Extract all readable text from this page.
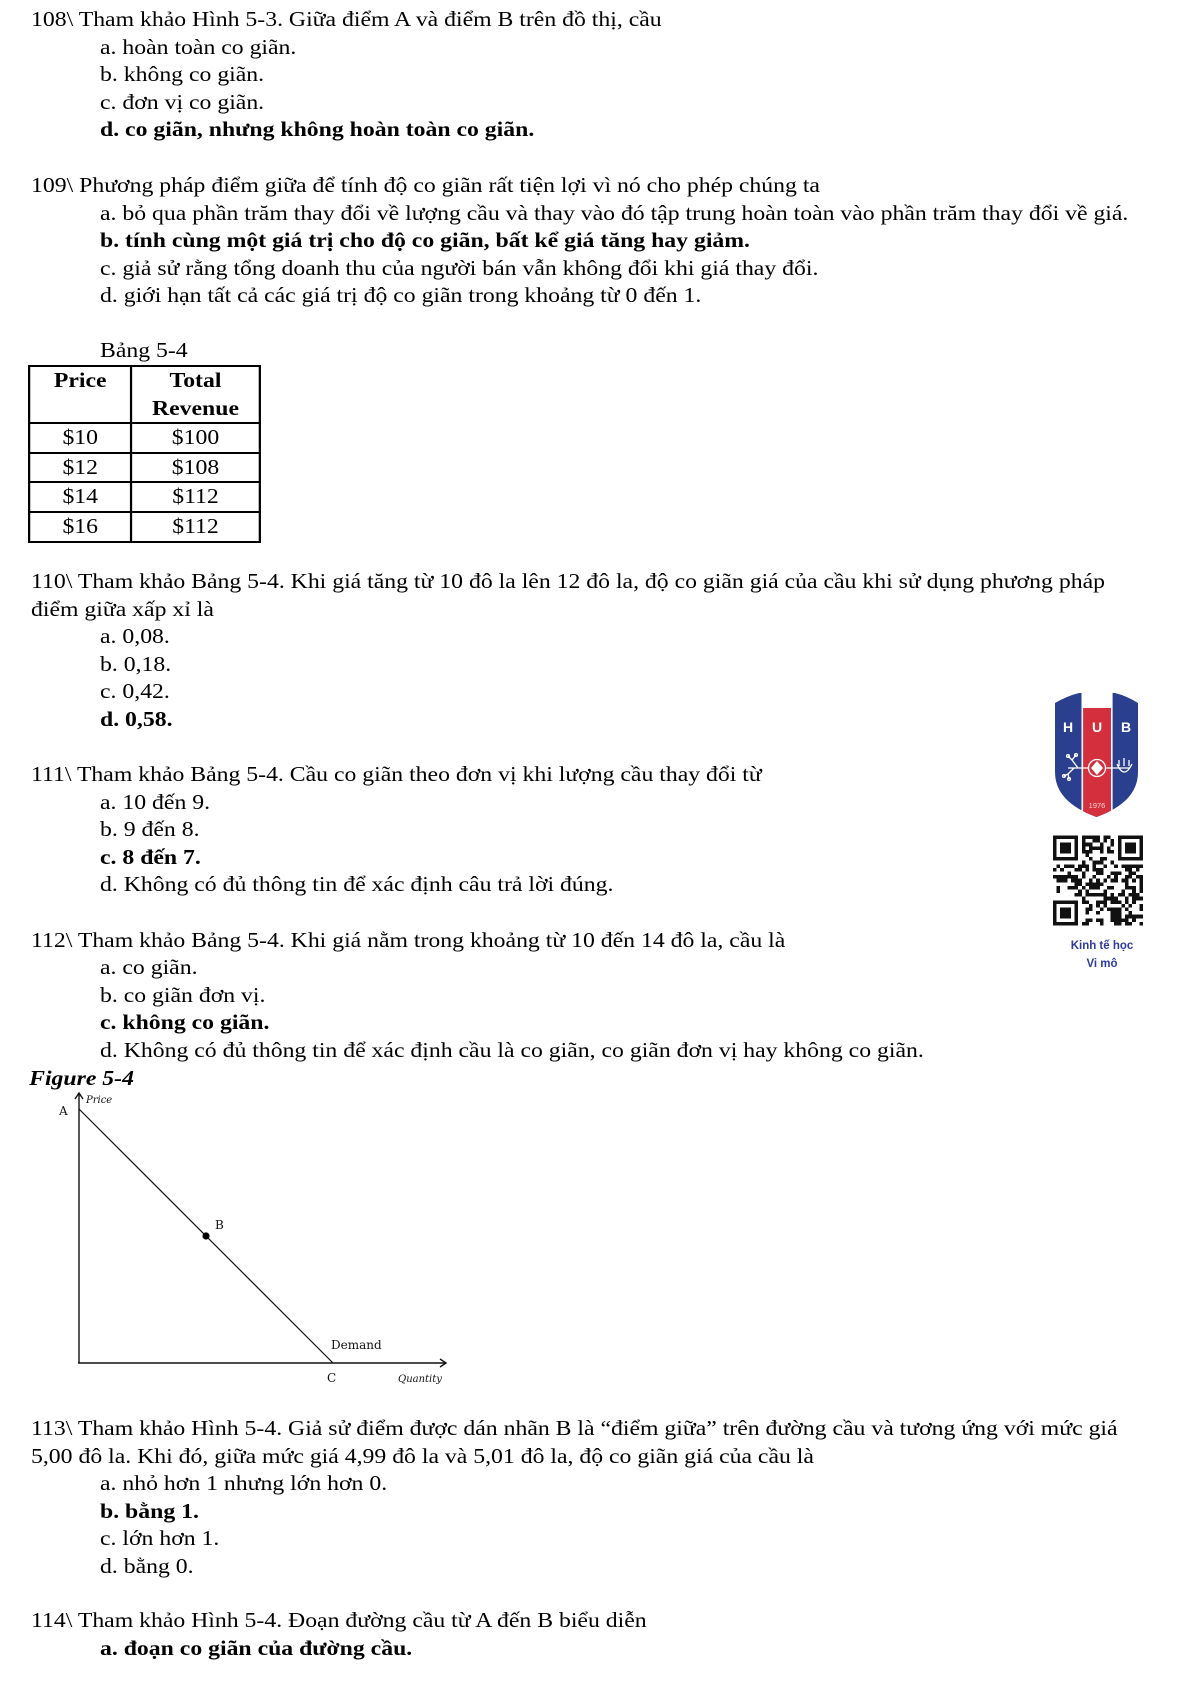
108\ Tham khảo Hình 5-3. Giữa điểm A và điểm B trên đồ thị, cầu
a. hoàn toàn co giãn.
b. không co giãn.
c. đơn vị co giãn.
d. co giãn, nhưng không hoàn toàn co giãn.
109\ Phương pháp điểm giữa để tính độ co giãn rất tiện lợi vì nó cho phép chúng ta
a. bỏ qua phần trăm thay đổi về lượng cầu và thay vào đó tập trung hoàn toàn vào phần trăm thay đổi về giá.
b. tính cùng một giá trị cho độ co giãn, bất kể giá tăng hay giảm.
c. giả sử rằng tổng doanh thu của người bán vẫn không đổi khi giá thay đổi.
d. giới hạn tất cả các giá trị độ co giãn trong khoảng từ 0 đến 1.
Bảng 5-4
Price	Total Revenue
$10	$100
$12	$108
$14	$112
$16	$112
110\ Tham khảo Bảng 5-4. Khi giá tăng từ 10 đô la lên 12 đô la, độ co giãn giá của cầu khi sử dụng phương pháp
điểm giữa xấp xỉ là
a. 0,08.
b. 0,18.
c. 0,42.
d. 0,58.
111\ Tham khảo Bảng 5-4. Cầu co giãn theo đơn vị khi lượng cầu thay đổi từ
a. 10 đến 9.
b. 9 đến 8.
c. 8 đến 7.
d. Không có đủ thông tin để xác định câu trả lời đúng.
112\ Tham khảo Bảng 5-4. Khi giá nằm trong khoảng từ 10 đến 14 đô la, cầu là
a. co giãn.
b. co giãn đơn vị.
c. không co giãn.
d. Không có đủ thông tin để xác định cầu là co giãn, co giãn đơn vị hay không co giãn.
Figure 5-4
113\ Tham khảo Hình 5-4. Giả sử điểm được dán nhãn B là “điểm giữa” trên đường cầu và tương ứng với mức giá
5,00 đô la. Khi đó, giữa mức giá 4,99 đô la và 5,01 đô la, độ co giãn giá của cầu là
a. nhỏ hơn 1 nhưng lớn hơn 0.
b. bằng 1.
c. lớn hơn 1.
d. bằng 0.
114\ Tham khảo Hình 5-4. Đoạn đường cầu từ A đến B biểu diễn
a. đoạn co giãn của đường cầu.
Price
A
B
Demand
C	Quantity
H U B
1976
Kinh tế học
Vi mô
